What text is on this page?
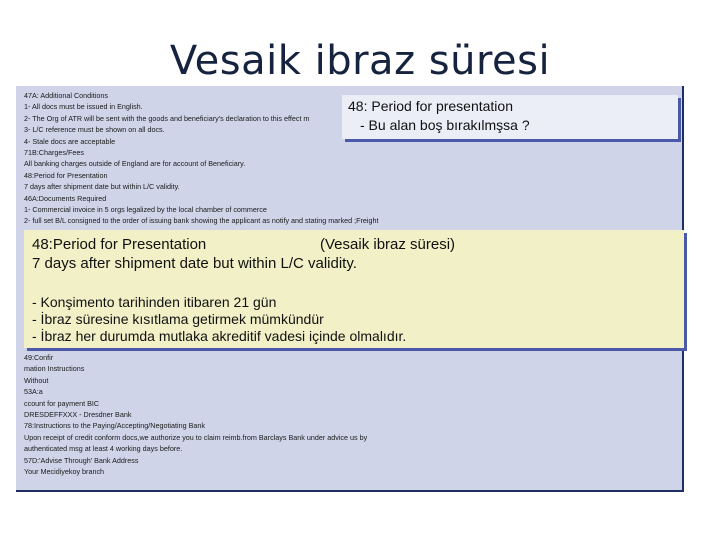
Vesaik ibraz süresi
47A: Additional Conditions
1- All docs must be issued in English.
2- The Org of ATR will be sent with the goods and beneficiary's declaration to this effect m
3- L/C reference must be shown on all docs.
4- Stale docs are acceptable
71B:Charges/Fees
All banking charges outside of England are for account of Beneficiary.
48:Period for Presentation
7 days after shipment date but within L/C validity.
46A:Documents Required
1- Commercial invoice in 5 orgs legalized by the local chamber of commerce
2- full set B/L consigned to the order of issuing bank showing the applicant as notify and stating marked ;Freight
49:Confir
mation Instructions
Without
53A:a
ccount for payment BIC
DRESDEFFXXX - Dresdner Bank
78:Instructions to the Paying/Accepting/Negotiating Bank
Upon receipt of credit conform docs,we authorize you to claim reimb.from Barclays Bank under advice us by
authenticated msg at least 4 working days before.
57D:'Advise Through' Bank Address
Your Mecidiyekoy branch
48: Period for presentation
- Bu alan boş bırakılmşsa ?
48:Period for Presentation	(Vesaik ibraz süresi)
7 days after shipment date but within L/C validity.
- Konşimento tarihinden itibaren 21 gün
- İbraz süresine kısıtlama getirmek mümkündür
- İbraz her durumda mutlaka akreditif vadesi içinde olmalıdır.
